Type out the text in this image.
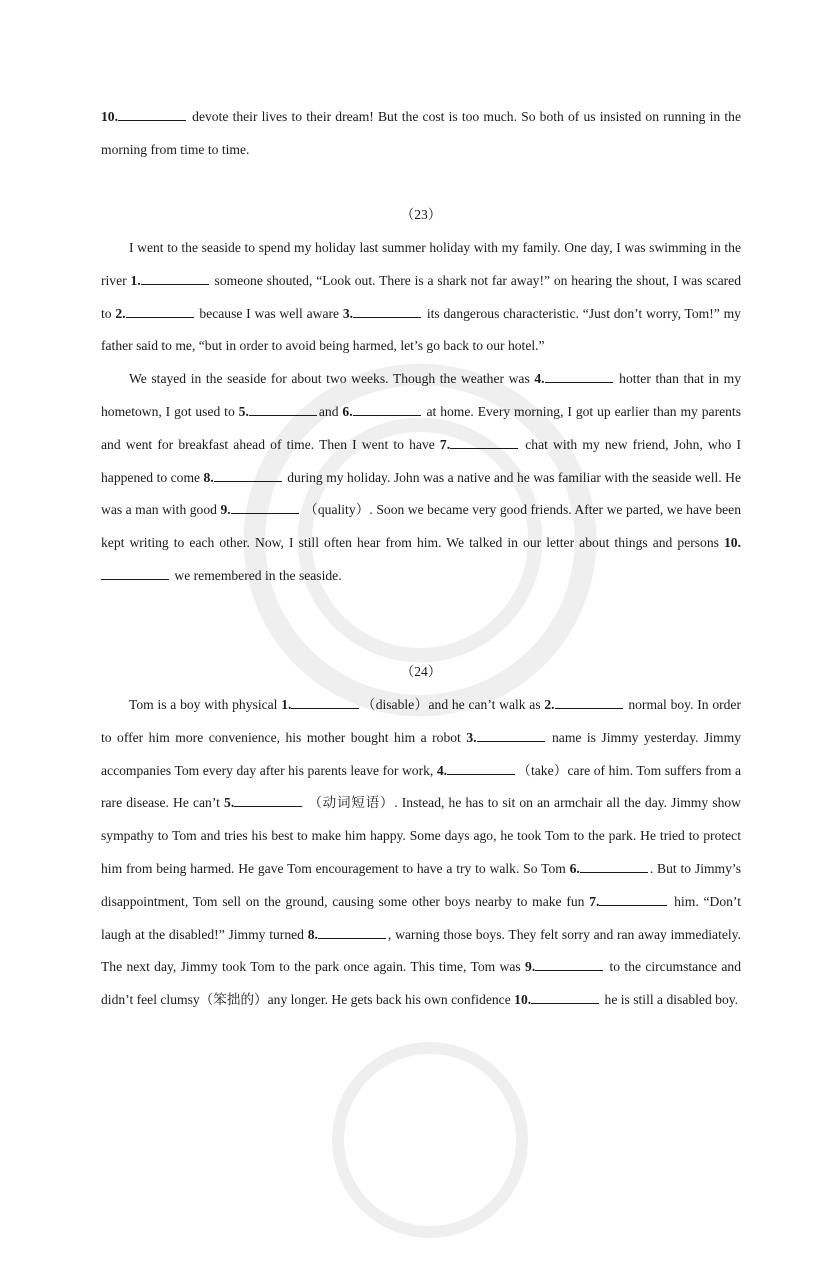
10.	devote their lives to their dream! But the cost is too much. So both of us insisted on running in the morning from time to time.

（23）

I went to the seaside to spend my holiday last summer holiday with my family. One day, I was swimming in the river 1.	someone shouted, “Look out. There is a shark not far away!” on hearing the shout, I was scared to 2.	because I was well aware 3.	its dangerous characteristic. “Just don’t worry, Tom!” my father said to me, “but in order to avoid being harmed, let’s go back to our hotel.”

We stayed in the seaside for about two weeks. Though the weather was 4.	hotter than that in my hometown, I got used to 5.	and 6.	at home. Every morning, I got up earlier than my parents and went for breakfast ahead of time. Then I went to have 7.	chat with my new friend, John, who I happened to come 8.	during my holiday. John was a native and he was familiar with the seaside well. He was a man with good 9.	（quality）. Soon we became very good friends. After we parted, we have been kept writing to each other. Now, I still often hear from him. We talked in our letter about things and persons 10. we remembered in the seaside.

（24）

Tom is a boy with physical 1.	（disable）and he can’t walk as 2.	normal boy. In order to offer him more convenience, his mother bought him a robot 3.	name is Jimmy yesterday. Jimmy accompanies Tom every day after his parents leave for work, 4.	（take）care of him. Tom suffers from a rare disease. He can’t 5.	（动词短语）. Instead, he has to sit on an armchair all the day. Jimmy show sympathy to Tom and tries his best to make him happy. Some days ago, he took Tom to the park. He tried to protect him from being harmed. He gave Tom encouragement to have a try to walk. So Tom 6.	. But to Jimmy’s disappointment, Tom sell on the ground, causing some other boys nearby to make fun 7.	him. “Don’t laugh at the disabled!” Jimmy turned 8.	, warning those boys. They felt sorry and ran away immediately. The next day, Jimmy took Tom to the park once again. This time, Tom was 9.	to the circumstance and didn’t feel clumsy（笨拙的）any longer. He gets back his own confidence 10.	he is still a disabled boy.
